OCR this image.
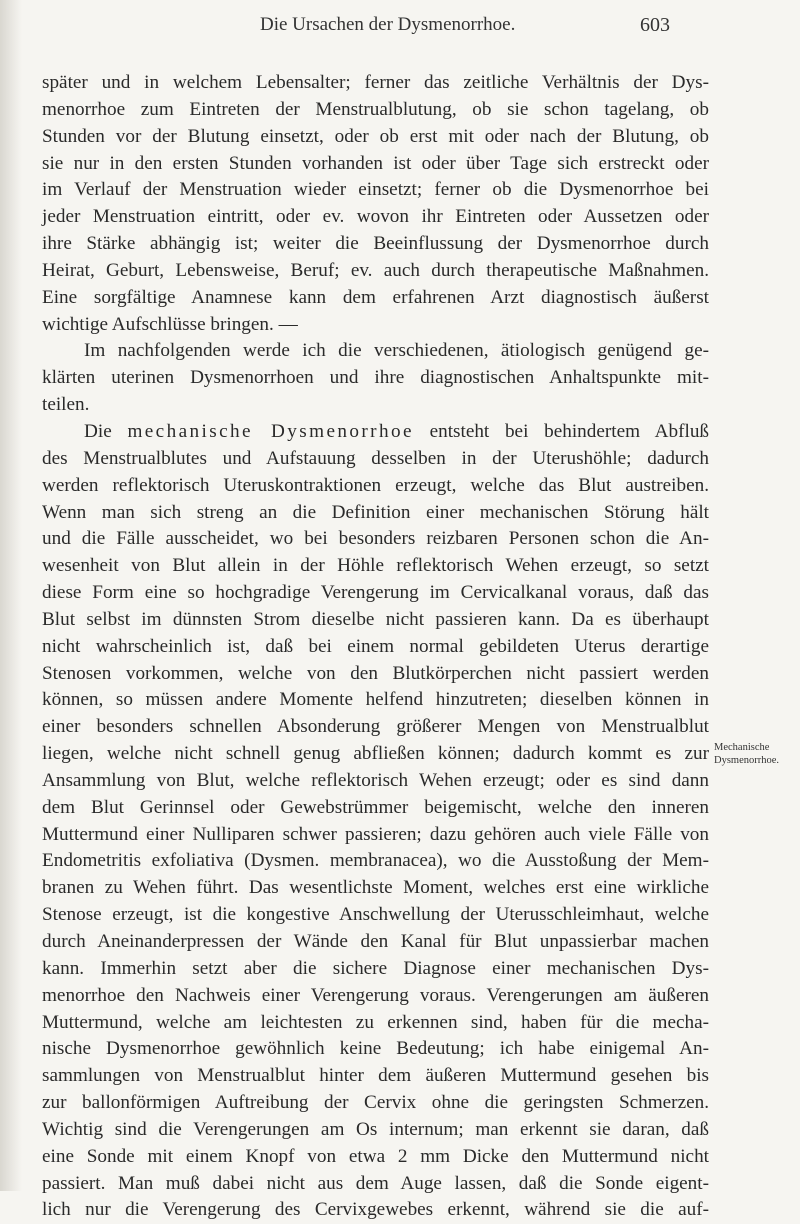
Die Ursachen der Dysmenorrhoe.	603
später und in welchem Lebensalter; ferner das zeitliche Verhältnis der Dys-
menorrhoe zum Eintreten der Menstrualblutung, ob sie schon tagelang, ob
Stunden vor der Blutung einsetzt, oder ob erst mit oder nach der Blutung, ob
sie nur in den ersten Stunden vorhanden ist oder über Tage sich erstreckt oder
im Verlauf der Menstruation wieder einsetzt; ferner ob die Dysmenorrhoe bei
jeder Menstruation eintritt, oder ev. wovon ihr Eintreten oder Aussetzen oder
ihre Stärke abhängig ist; weiter die Beeinflussung der Dysmenorrhoe durch
Heirat, Geburt, Lebensweise, Beruf; ev. auch durch therapeutische Maßnahmen.
Eine sorgfältige Anamnese kann dem erfahrenen Arzt diagnostisch äußerst
wichtige Aufschlüsse bringen. —
Im nachfolgenden werde ich die verschiedenen, ätiologisch genügend ge-
klärten uterinen Dysmenorrhoen und ihre diagnostischen Anhaltspunkte mit-
teilen.
Die mechanische Dysmenorrhoe entsteht bei behindertem Abfluß
des Menstrualblutes und Aufstauung desselben in der Uterushöhle; dadurch
werden reflektorisch Uteruskontraktionen erzeugt, welche das Blut austreiben.
Wenn man sich streng an die Definition einer mechanischen Störung hält
und die Fälle ausscheidet, wo bei besonders reizbaren Personen schon die An-
wesenheit von Blut allein in der Höhle reflektorisch Wehen erzeugt, so setzt
diese Form eine so hochgradige Verengerung im Cervicalkanal voraus, daß das
Blut selbst im dünnsten Strom dieselbe nicht passieren kann. Da es überhaupt
nicht wahrscheinlich ist, daß bei einem normal gebildeten Uterus derartige
Stenosen vorkommen, welche von den Blutkörperchen nicht passiert werden
können, so müssen andere Momente helfend hinzutreten; dieselben können in
einer besonders schnellen Absonderung größerer Mengen von Menstrualblut
liegen, welche nicht schnell genug abfließen können; dadurch kommt es zur
Ansammlung von Blut, welche reflektorisch Wehen erzeugt; oder es sind dann
dem Blut Gerinnsel oder Gewebstrümmer beigemischt, welche den inneren
Muttermund einer Nulliparen schwer passieren; dazu gehören auch viele Fälle von
Endometritis exfoliativa (Dysmen. membranacea), wo die Ausstoßung der Mem-
branen zu Wehen führt. Das wesentlichste Moment, welches erst eine wirkliche
Stenose erzeugt, ist die kongestive Anschwellung der Uterusschleimhaut, welche
durch Aneinanderpressen der Wände den Kanal für Blut unpassierbar machen
kann. Immerhin setzt aber die sichere Diagnose einer mechanischen Dys-
menorrhoe den Nachweis einer Verengerung voraus. Verengerungen am äußeren
Muttermund, welche am leichtesten zu erkennen sind, haben für die mecha-
nische Dysmenorrhoe gewöhnlich keine Bedeutung; ich habe einigemal An-
sammlungen von Menstrualblut hinter dem äußeren Muttermund gesehen bis
zur ballonförmigen Auftreibung der Cervix ohne die geringsten Schmerzen.
Wichtig sind die Verengerungen am Os internum; man erkennt sie daran, daß
eine Sonde mit einem Knopf von etwa 2 mm Dicke den Muttermund nicht
passiert. Man muß dabei nicht aus dem Auge lassen, daß die Sonde eigent-
lich nur die Verengerung des Cervixgewebes erkennt, während sie die auf-
Mechanische
Dysmenorrhoe.
